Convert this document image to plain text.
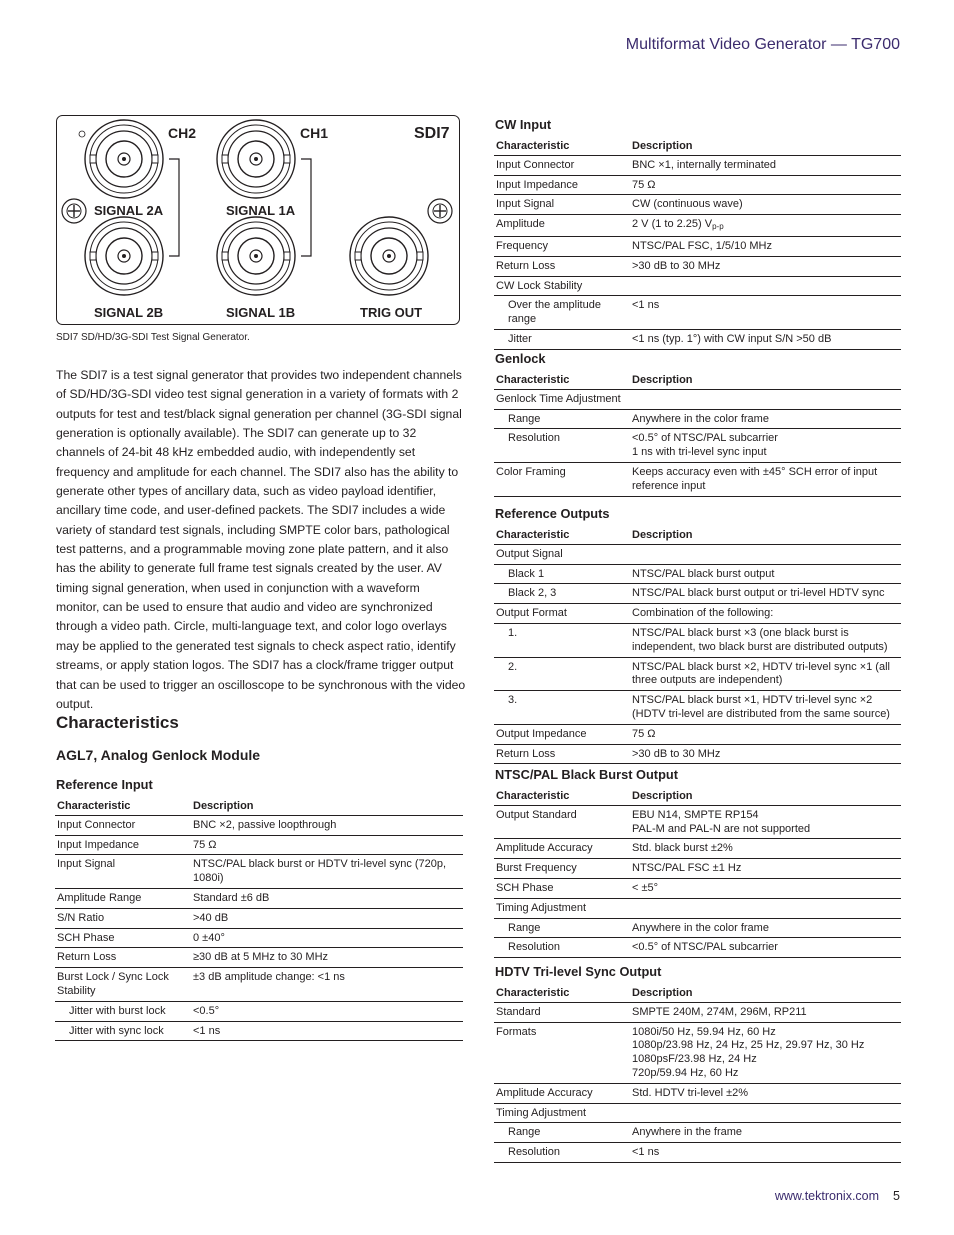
Multiformat Video Generator — TG700
CH2	CH1	SDI7
SIGNAL 2A	SIGNAL 1A
SIGNAL 2B	SIGNAL 1B	TRIG OUT
SDI7 SD/HD/3G-SDI Test Signal Generator.

The SDI7 is a test signal generator that provides two independent channels of SD/HD/3G-SDI video test signal generation in a variety of formats with 2 outputs for test and test/black signal generation per channel (3G-SDI signal generation is optionally available). The SDI7 can generate up to 32 channels of 24-bit 48 kHz embedded audio, with independently set frequency and amplitude for each channel. The SDI7 also has the ability to generate other types of ancillary data, such as video payload identifier, ancillary time code, and user-defined packets. The SDI7 includes a wide variety of standard test signals, including SMPTE color bars, pathological test patterns, and a programmable moving zone plate pattern, and it also has the ability to generate full frame test signals created by the user. AV timing signal generation, when used in conjunction with a waveform monitor, can be used to ensure that audio and video are synchronized through a video path. Circle, multi-language text, and color logo overlays may be applied to the generated test signals to check aspect ratio, identify streams, or apply station logos. The SDI7 has a clock/frame trigger output that can be used to trigger an oscilloscope to be synchronous with the video output.

Characteristics
AGL7, Analog Genlock Module
Reference Input
Characteristic	Description
Input Connector	BNC ×2, passive loopthrough
Input Impedance	75 Ω
Input Signal	NTSC/PAL black burst or HDTV tri-level sync (720p, 1080i)
Amplitude Range	Standard ±6 dB
S/N Ratio	>40 dB
SCH Phase	0 ±40°
Return Loss	≥30 dB at 5 MHz to 30 MHz
Burst Lock / Sync Lock Stability	±3 dB amplitude change: <1 ns
Jitter with burst lock	<0.5°
Jitter with sync lock	<1 ns
CW Input
Characteristic	Description
Input Connector	BNC ×1, internally terminated
Input Impedance	75 Ω
Input Signal	CW (continuous wave)
Amplitude	2 V (1 to 2.25) Vp-p
Frequency	NTSC/PAL FSC, 1/5/10 MHz
Return Loss	>30 dB to 30 MHz
CW Lock Stability	
Over the amplitude range	<1 ns
Jitter	<1 ns (typ. 1°) with CW input S/N >50 dB
Genlock
Characteristic	Description
Genlock Time Adjustment	
Range	Anywhere in the color frame
Resolution	<0.5° of NTSC/PAL subcarrier
1 ns with tri-level sync input
Color Framing	Keeps accuracy even with ±45° SCH error of input reference input
Reference Outputs
Characteristic	Description
Output Signal	
Black 1	NTSC/PAL black burst output
Black 2, 3	NTSC/PAL black burst output or tri-level HDTV sync
Output Format	Combination of the following:
1.	NTSC/PAL black burst ×3 (one black burst is independent, two black burst are distributed outputs)
2.	NTSC/PAL black burst ×2, HDTV tri-level sync ×1 (all three outputs are independent)
3.	NTSC/PAL black burst ×1, HDTV tri-level sync ×2 (HDTV tri-level are distributed from the same source)
Output Impedance	75 Ω
Return Loss	>30 dB to 30 MHz
NTSC/PAL Black Burst Output
Characteristic	Description
Output Standard	EBU N14, SMPTE RP154
PAL-M and PAL-N are not supported
Amplitude Accuracy	Std. black burst ±2%
Burst Frequency	NTSC/PAL FSC ±1 Hz
SCH Phase	< ±5°
Timing Adjustment	
Range	Anywhere in the color frame
Resolution	<0.5° of NTSC/PAL subcarrier
HDTV Tri-level Sync Output
Characteristic	Description
Standard	SMPTE 240M, 274M, 296M, RP211
Formats	1080i/50 Hz, 59.94 Hz, 60 Hz
1080p/23.98 Hz, 24 Hz, 25 Hz, 29.97 Hz, 30 Hz
1080psF/23.98 Hz, 24 Hz
720p/59.94 Hz, 60 Hz
Amplitude Accuracy	Std. HDTV tri-level ±2%
Timing Adjustment	
Range	Anywhere in the frame
Resolution	<1 ns
www.tektronix.com 5
